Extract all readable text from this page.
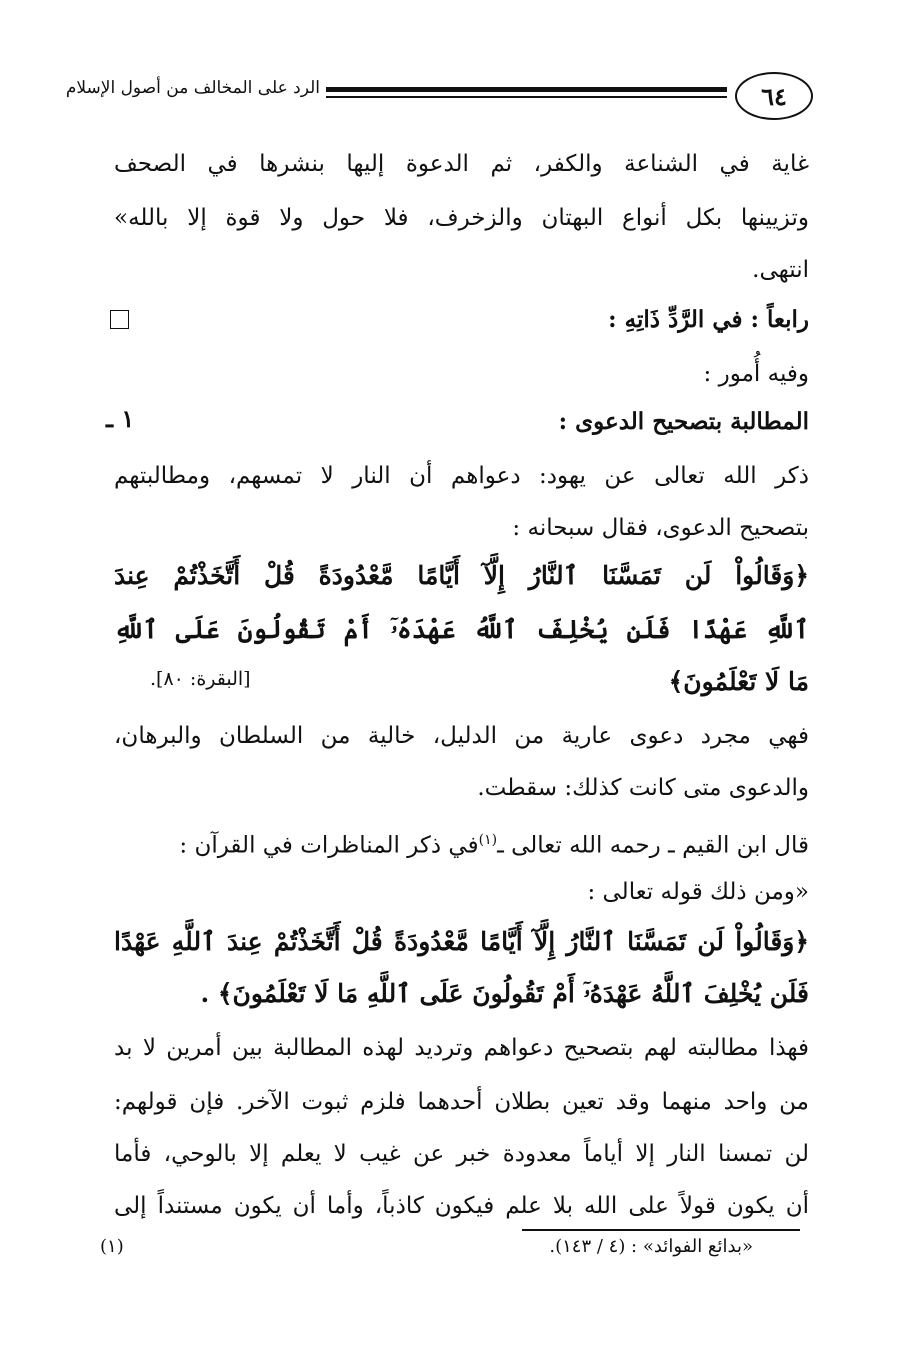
٦٤
الرد على المخالف من أصول الإسلام
غاية في الشناعة والكفر، ثم الدعوة إليها بنشرها في الصحف
وتزيينها بكل أنواع البهتان والزخرف، فلا حول ولا قوة إلا بالله»
انتهى.
رابعاً : في الرَّدِّ ذَاتِهِ :
وفيه أُمور :
١ ـ	المطالبة بتصحيح الدعوى :
ذكر الله تعالى عن يهود: دعواهم أن النار لا تمسهم، ومطالبتهم
بتصحيح الدعوى، فقال سبحانه :
﴿وَقَالُواْ لَن تَمَسَّنَا ٱلنَّارُ إِلَّآ أَيَّامًا مَّعْدُودَةً قُلْ أَتَّخَذْتُمْ عِندَ
ٱللَّهِ عَهْدًا فَلَن يُخْلِفَ ٱللَّهُ عَهْدَهُۥٓ أَمْ تَقُولُونَ عَلَى ٱللَّهِ
مَا لَا تَعْلَمُونَ﴾
[البقرة: ٨٠].
فهي مجرد دعوى عارية من الدليل، خالية من السلطان والبرهان،
والدعوى متى كانت كذلك: سقطت.
قال ابن القيم ـ رحمه الله تعالى ـ$^{(١)}$في ذكر المناظرات في القرآن :
«ومن ذلك قوله تعالى :
﴿وَقَالُواْ لَن تَمَسَّنَا ٱلنَّارُ إِلَّآ أَيَّامًا مَّعْدُودَةً قُلْ أَتَّخَذْتُمْ عِندَ ٱللَّهِ عَهْدًا
فَلَن يُخْلِفَ ٱللَّهُ عَهْدَهُۥٓ أَمْ تَقُولُونَ عَلَى ٱللَّهِ مَا لَا تَعْلَمُونَ﴾ .
فهذا مطالبته لهم بتصحيح دعواهم وترديد لهذه المطالبة بين أمرين لا بد
من واحد منهما وقد تعين بطلان أحدهما فلزم ثبوت الآخر. فإن قولهم:
لن تمسنا النار إلا أياماً معدودة خبر عن غيب لا يعلم إلا بالوحي، فأما
أن يكون قولاً على الله بلا علم فيكون كاذباً، وأما أن يكون مستنداً إلى
(١)	«بدائع الفوائد» : (٤ / ١٤٣).
